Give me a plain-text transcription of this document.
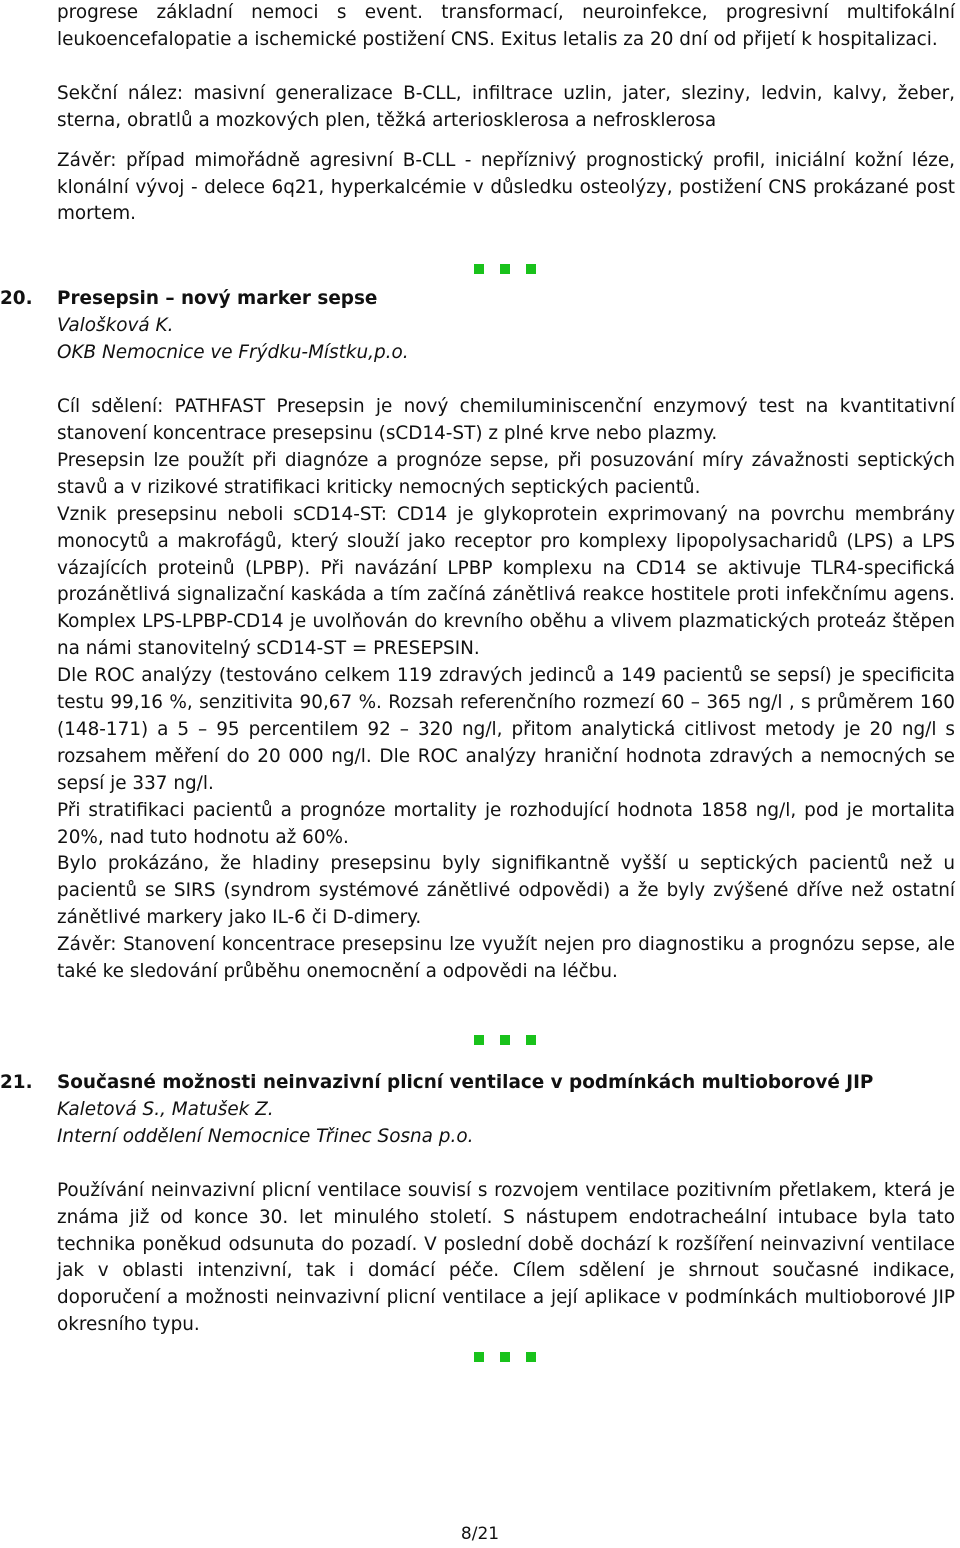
progrese základní nemoci s event. transformací, neuroinfekce, progresivní multifokální leukoencefalopatie a ischemické postižení CNS. Exitus letalis za 20 dní od přijetí k hospitalizaci.

Sekční nález: masivní generalizace B-CLL, infiltrace uzlin, jater, sleziny, ledvin, kalvy, žeber, sterna, obratlů a mozkových plen, těžká arteriosklerosa a nefrosklerosa

Závěr: případ mimořádně agresivní B-CLL - nepříznivý prognostický profil, iniciální kožní léze, klonální vývoj - delece 6q21, hyperkalcémie v důsledku osteolýzy, postižení CNS prokázané post mortem.

20.	Presepsin – nový marker sepse
Valošková K.
OKB Nemocnice ve Frýdku-Místku,p.o.

Cíl sdělení: PATHFAST Presepsin je nový chemiluminiscenční enzymový test na kvantitativní stanovení koncentrace presepsinu (sCD14-ST) z plné krve nebo plazmy.

Presepsin lze použít při diagnóze a prognóze sepse, při posuzování míry závažnosti septických stavů a v rizikové stratifikaci kriticky nemocných septických pacientů.

Vznik presepsinu neboli sCD14-ST: CD14 je glykoprotein exprimovaný na povrchu membrány monocytů a makrofágů, který slouží jako receptor pro komplexy lipopolysacharidů (LPS) a LPS vázajících proteinů (LPBP). Při navázání LPBP komplexu na CD14 se aktivuje TLR4-specifická prozánětlivá signalizační kaskáda a tím začíná zánětlivá reakce hostitele proti infekčnímu agens. Komplex LPS-LPBP-CD14 je uvolňován do krevního oběhu a vlivem plazmatických proteáz štěpen na námi stanovitelný sCD14-ST = PRESEPSIN.

Dle ROC analýzy (testováno celkem 119 zdravých jedinců a 149 pacientů se sepsí) je specificita testu 99,16 %, senzitivita 90,67 %. Rozsah referenčního rozmezí 60 – 365 ng/l , s průměrem 160 (148-171) a 5 – 95 percentilem 92 – 320 ng/l, přitom analytická citlivost metody je 20 ng/l s rozsahem měření do 20 000 ng/l. Dle ROC analýzy hraniční hodnota zdravých a nemocných se sepsí je 337 ng/l.

Při stratifikaci pacientů a prognóze mortality je rozhodující hodnota 1858 ng/l, pod je mortalita 20%, nad tuto hodnotu až 60%.

Bylo prokázáno, že hladiny presepsinu byly signifikantně vyšší u septických pacientů než u pacientů se SIRS (syndrom systémové zánětlivé odpovědi) a že byly zvýšené dříve než ostatní zánětlivé markery jako IL-6 či D-dimery.

Závěr: Stanovení koncentrace presepsinu lze využít nejen pro diagnostiku a prognózu sepse, ale také ke sledování průběhu onemocnění a odpovědi na léčbu.

21.	Současné možnosti neinvazivní plicní ventilace v podmínkách multioborové JIP
Kaletová S., Matušek Z.
Interní oddělení Nemocnice Třinec Sosna p.o.

Používání neinvazivní plicní ventilace souvisí s rozvojem ventilace pozitivním přetlakem, která je známa již od konce 30. let minulého století. S nástupem endotracheální intubace byla tato technika poněkud odsunuta do pozadí. V poslední době dochází k rozšíření neinvazivní ventilace jak v oblasti intenzivní, tak i domácí péče. Cílem sdělení je shrnout současné indikace, doporučení a možnosti neinvazivní plicní ventilace a její aplikace v podmínkách multioborové JIP okresního typu.

8/21
